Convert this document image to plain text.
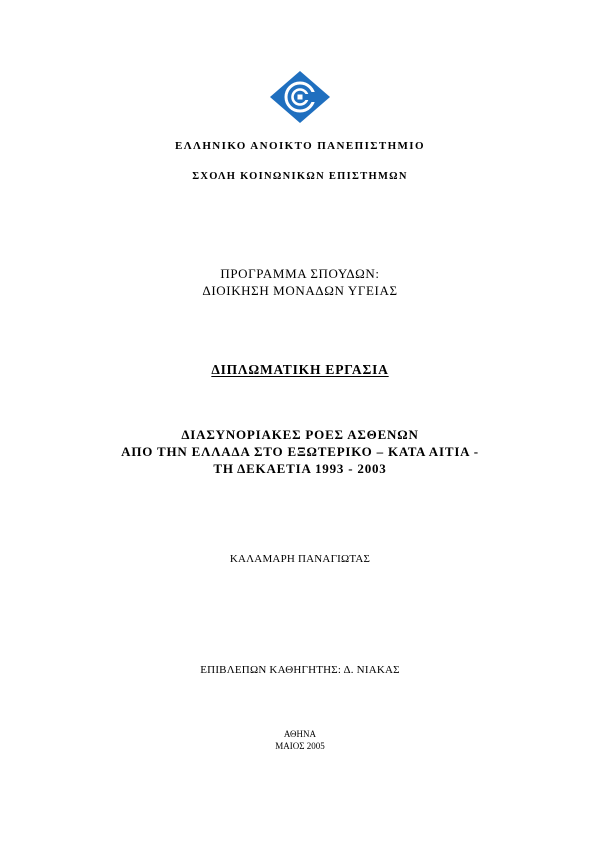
ΕΛΛΗΝΙΚΟ ΑΝΟΙΚΤΟ ΠΑΝΕΠΙΣΤΗΜΙΟ
ΣΧΟΛΗ ΚΟΙΝΩΝΙΚΩΝ ΕΠΙΣΤΗΜΩΝ
ΠΡΟΓΡΑΜΜΑ ΣΠΟΥΔΩΝ:
ΔΙΟΙΚΗΣΗ ΜΟΝΑΔΩΝ ΥΓΕΙΑΣ
ΔΙΠΛΩΜΑΤΙΚΗ ΕΡΓΑΣΙΑ
ΔΙΑΣΥΝΟΡΙΑΚΕΣ ΡΟΕΣ ΑΣΘΕΝΩΝ
ΑΠΟ ΤΗΝ ΕΛΛΑΔΑ ΣΤΟ ΕΞΩΤΕΡΙΚΟ – ΚΑΤΑ ΑΙΤΙΑ -
ΤΗ ΔΕΚΑΕΤΙΑ 1993 - 2003
ΚΑΛΑΜΑΡΗ ΠΑΝΑΓΙΩΤΑΣ
ΕΠΙΒΛΕΠΩΝ ΚΑΘΗΓΗΤΗΣ: Δ. ΝΙΑΚΑΣ
ΑΘΗΝΑ
ΜΑΙΟΣ 2005
